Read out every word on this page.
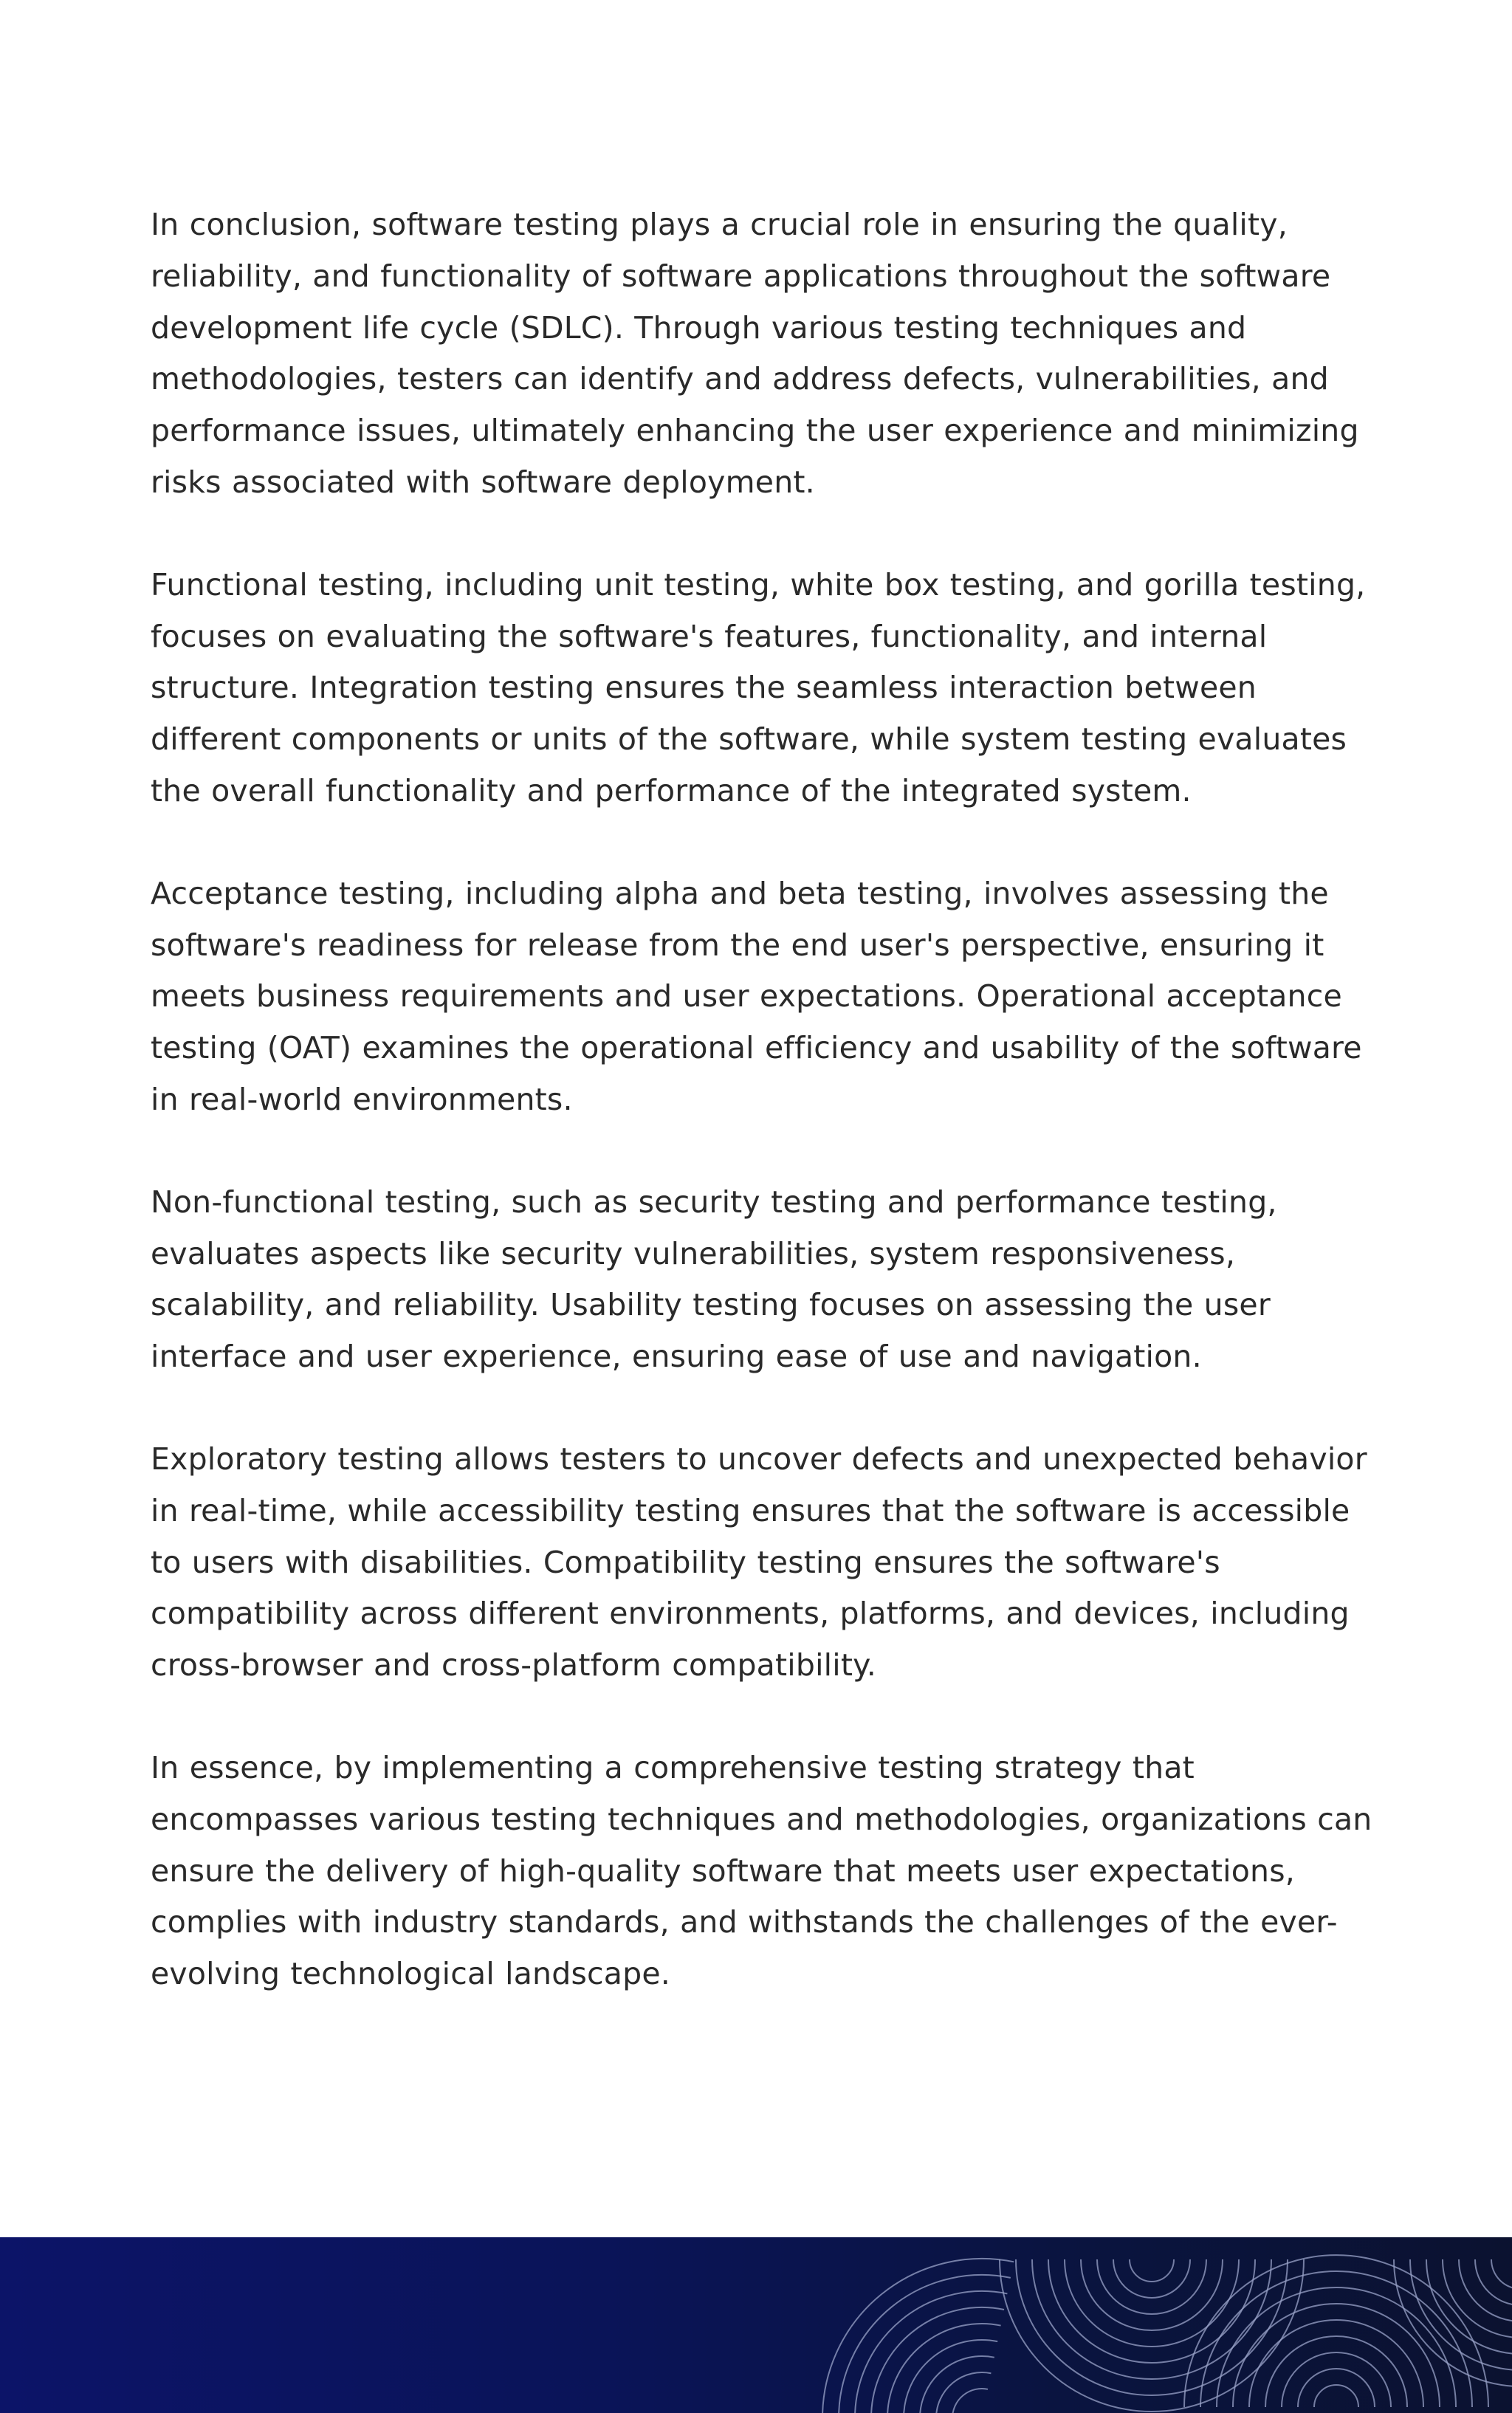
In conclusion, software testing plays a crucial role in ensuring the quality, reliability, and functionality of software applications throughout the software development life cycle (SDLC). Through various testing techniques and methodologies, testers can identify and address defects, vulnerabilities, and performance issues, ultimately enhancing the user experience and minimizing risks associated with software deployment.

Functional testing, including unit testing, white box testing, and gorilla testing, focuses on evaluating the software's features, functionality, and internal structure. Integration testing ensures the seamless interaction between different components or units of the software, while system testing evaluates the overall functionality and performance of the integrated system.

Acceptance testing, including alpha and beta testing, involves assessing the software's readiness for release from the end user's perspective, ensuring it meets business requirements and user expectations. Operational acceptance testing (OAT) examines the operational efficiency and usability of the software in real-world environments.

Non-functional testing, such as security testing and performance testing, evaluates aspects like security vulnerabilities, system responsiveness, scalability, and reliability. Usability testing focuses on assessing the user interface and user experience, ensuring ease of use and navigation.

Exploratory testing allows testers to uncover defects and unexpected behavior in real-time, while accessibility testing ensures that the software is accessible to users with disabilities. Compatibility testing ensures the software's compatibility across different environments, platforms, and devices, including cross-browser and cross-platform compatibility.

In essence, by implementing a comprehensive testing strategy that encompasses various testing techniques and methodologies, organizations can ensure the delivery of high-quality software that meets user expectations, complies with industry standards, and withstands the challenges of the ever-evolving technological landscape.
